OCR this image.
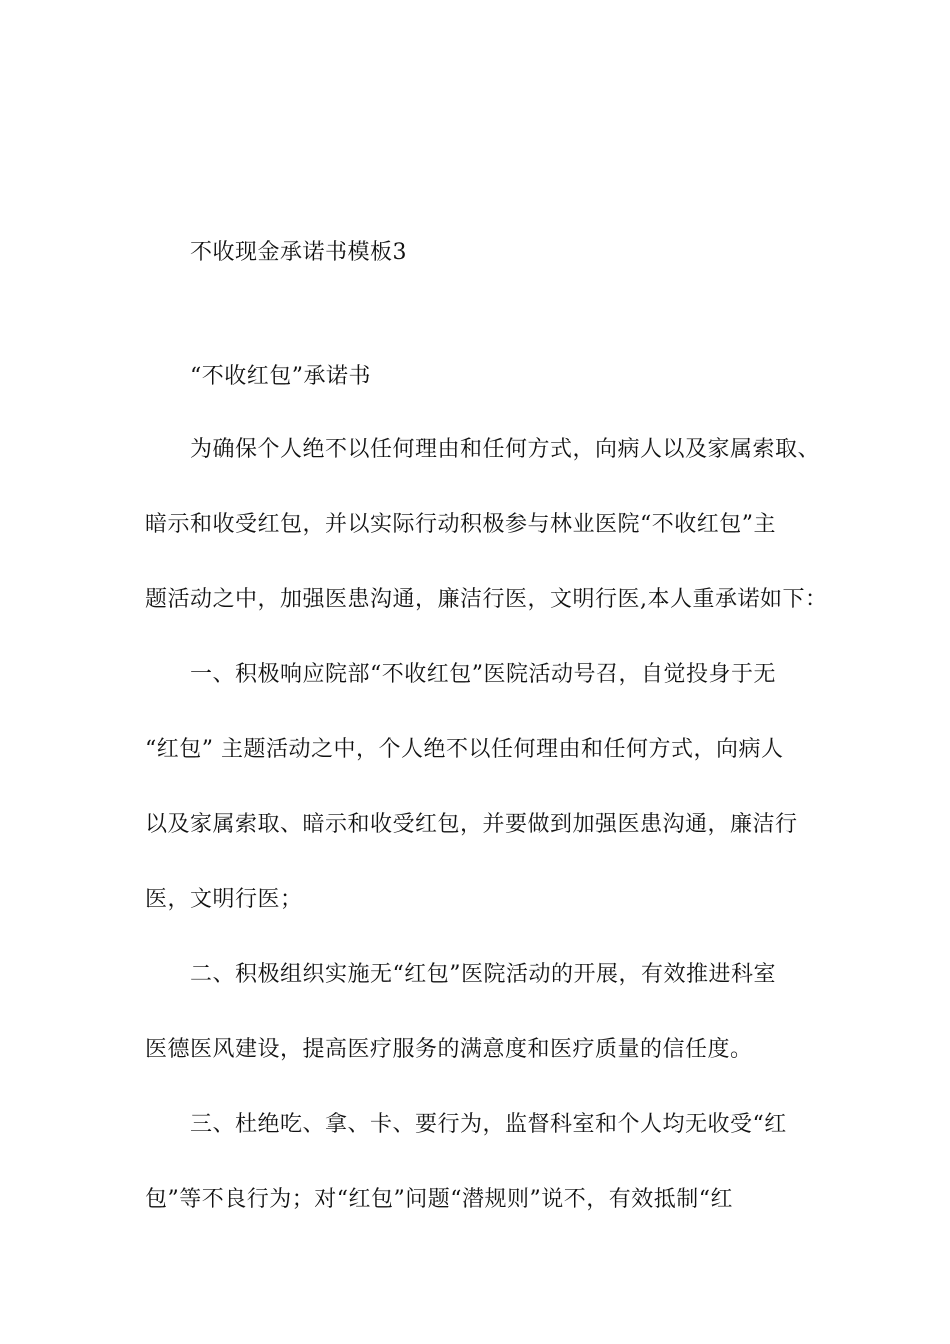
不收现金承诺书模板3
“不收红包”承诺书
为确保个人绝不以任何理由和任何方式，向病人以及家属索取、
暗示和收受红包，并以实际行动积极参与林业医院“不收红包”主
题活动之中，加强医患沟通，廉洁行医，文明行医,本人重承诺如下：
一、积极响应院部“不收红包”医院活动号召，自觉投身于无
“红包” 主题活动之中，个人绝不以任何理由和任何方式，向病人
以及家属索取、暗示和收受红包，并要做到加强医患沟通，廉洁行
医，文明行医；
二、积极组织实施无“红包”医院活动的开展，有效推进科室
医德医风建设，提高医疗服务的满意度和医疗质量的信任度。
三、杜绝吃、拿、卡、要行为，监督科室和个人均无收受“红
包”等不良行为；对“红包”问题“潜规则”说不，有效抵制“红
